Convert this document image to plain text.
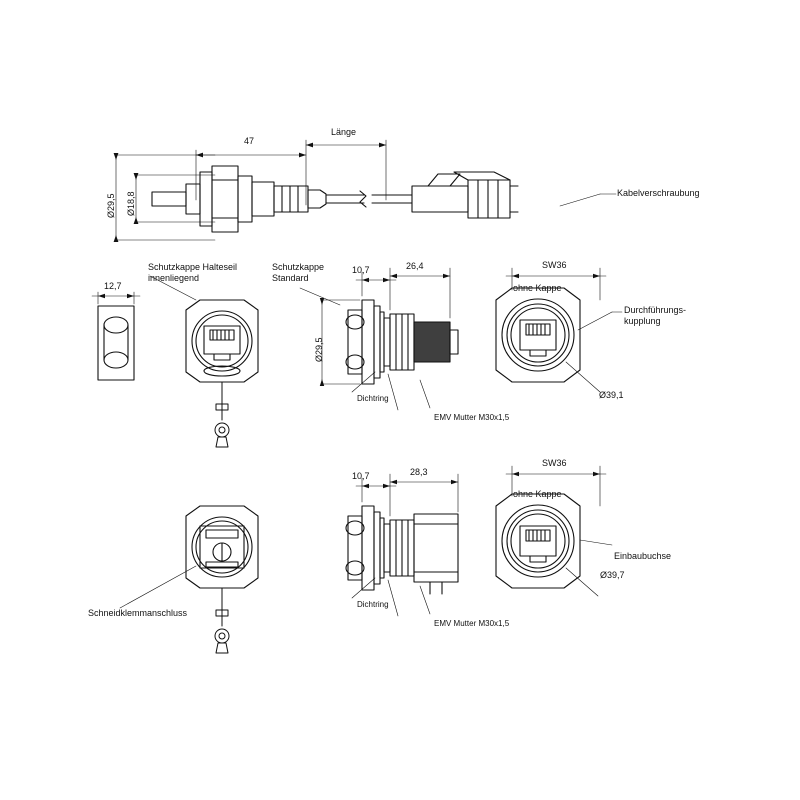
47
Länge
Ø29,5 Ø18,8	Kabelverschraubung
Schutzkappe Halteseil
innenliegend
Schutzkappe
Standard
12,7
10,7	26,4
Ø29,5
Dichtring
EMV Mutter M30x1,5
SW36
ohne Kappe
Ø39,1
Durchführungs-
kupplung
10,7	28,3
Dichtring
EMV Mutter M30x1,5
SW36
ohne Kappe
Ø39,7
Einbaubuchse
Schneidklemmanschluss
